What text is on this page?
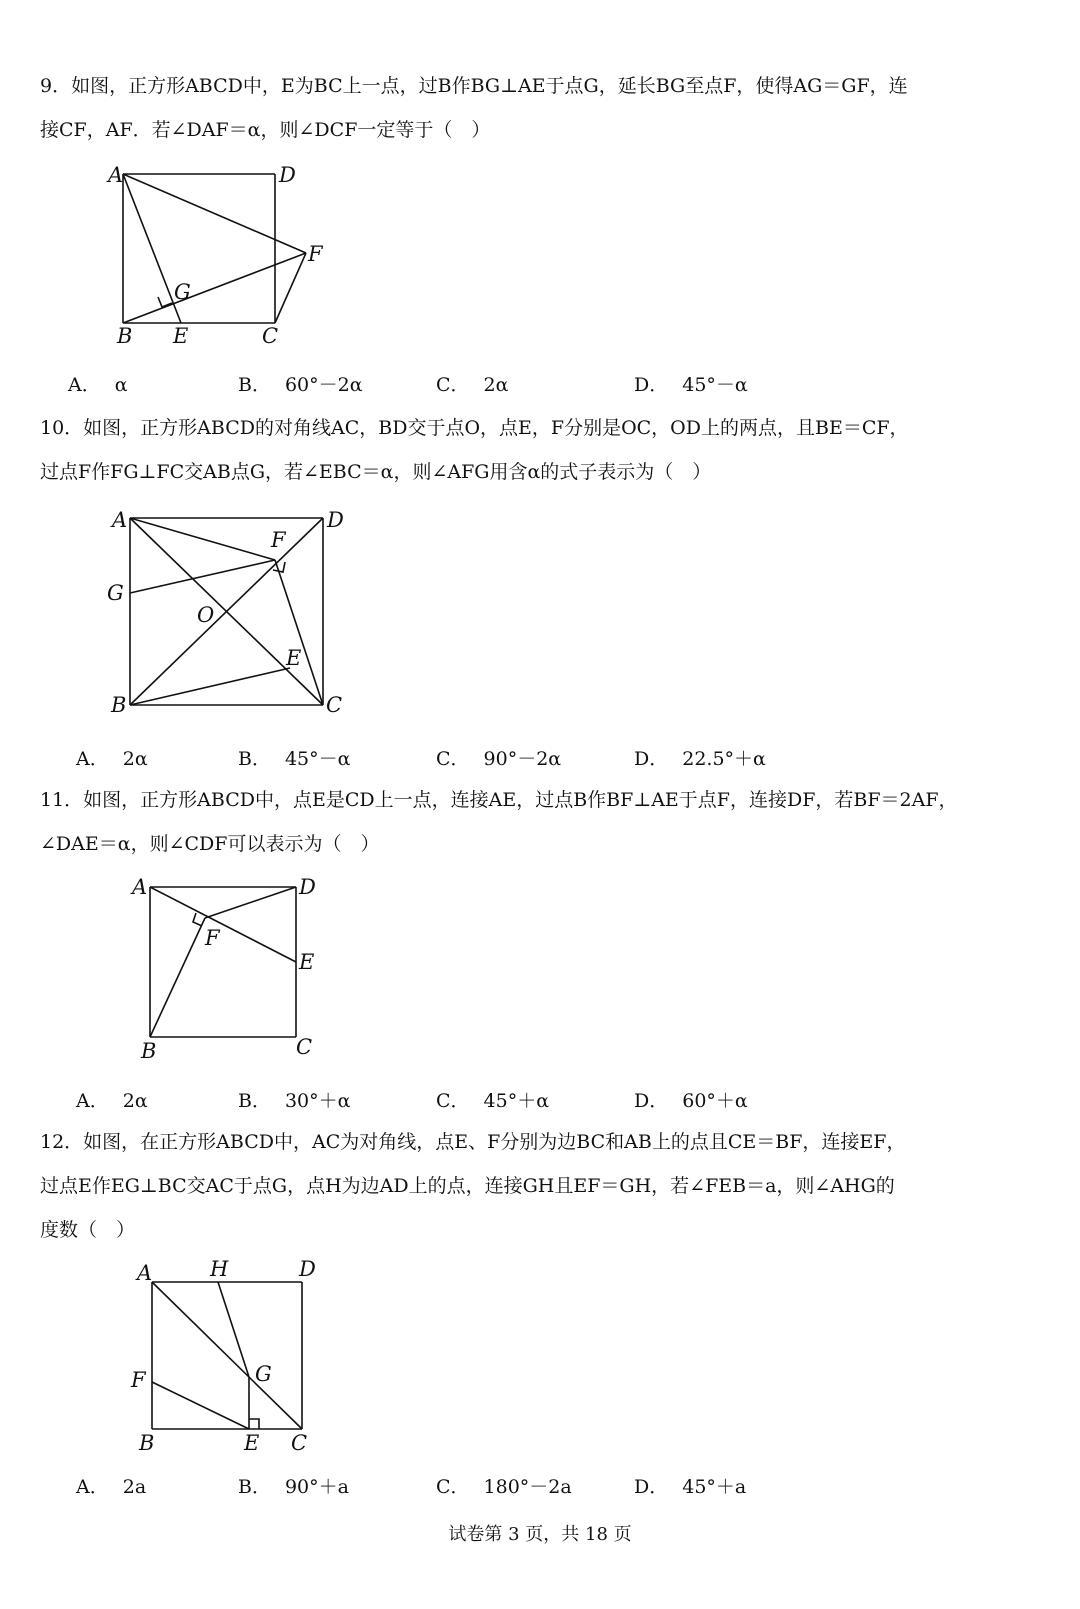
9．如图，正方形ABCD中，E为BC上一点，过B作BG⊥AE于点G，延长BG至点F，使得AG＝GF，连

接CF，AF．若∠DAF＝α，则∠DCF一定等于（　）

A	D
F
G
B E	C
A． α	B． 60°－2α	C． 2α	D． 45°－α

10．如图，正方形ABCD的对角线AC，BD交于点O，点E，F分别是OC，OD上的两点，且BE＝CF，

过点F作FG⊥FC交AB点G，若∠EBC＝α，则∠AFG用含α的式子表示为（　）

A	D
F
G
O
E
B	C
A． 2α	B． 45°－α	C． 90°－2α	D． 22.5°＋α

11．如图，正方形ABCD中，点E是CD上一点，连接AE，过点B作BF⊥AE于点F，连接DF，若BF＝2AF，

∠DAE＝α，则∠CDF可以表示为（　）

A	D
F
E
B	C
A． 2α	B． 30°＋α	C． 45°＋α	D． 60°＋α

12．如图，在正方形ABCD中，AC为对角线，点E、F分别为边BC和AB上的点且CE＝BF，连接EF，

过点E作EG⊥BC交AC于点G，点H为边AD上的点，连接GH且EF＝GH，若∠FEB＝a，则∠AHG的

度数（　）

A	H	D
F	G
B	E C
A． 2a	B． 90°＋a	C． 180°－2a	D． 45°＋a
试卷第 3 页，共 18 页
